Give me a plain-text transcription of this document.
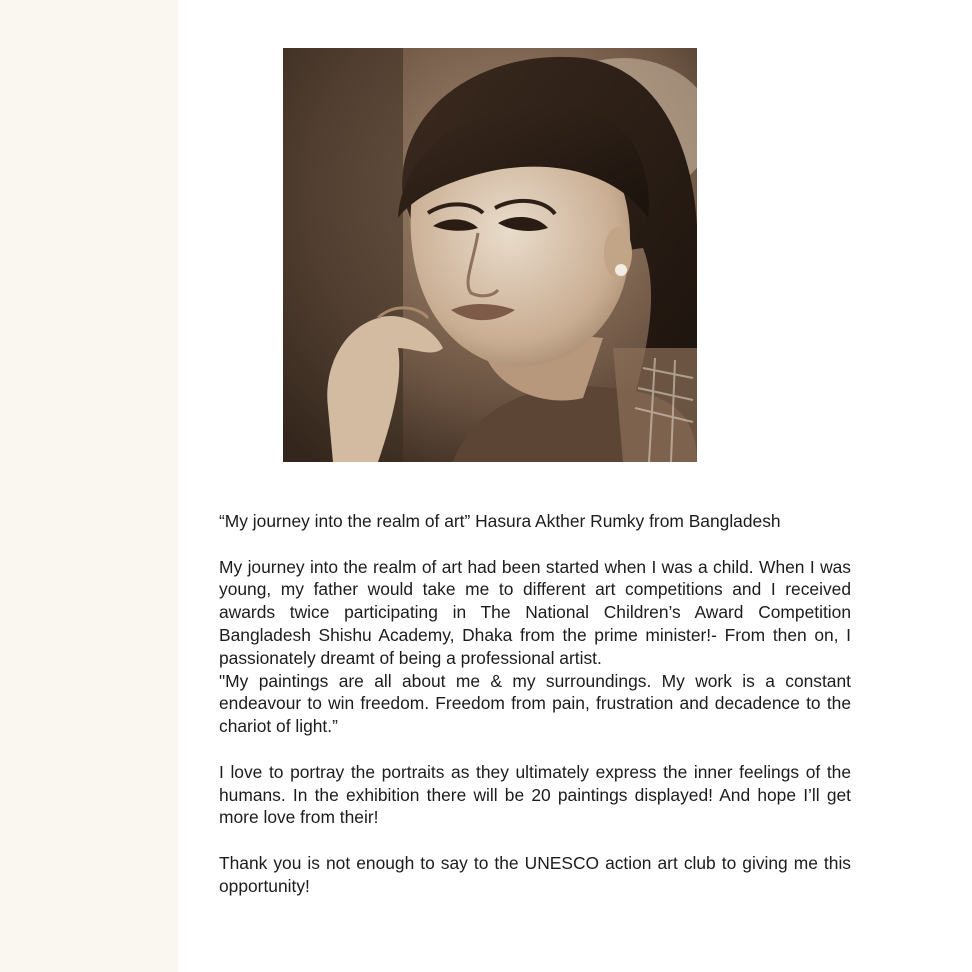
“My journey into the realm of art” Hasura Akther Rumky from Bangladesh

My journey into the realm of art had been started when I was a child. When I was young, my father would take me to different art competitions and I received awards twice participating in The National Children’s Award Competition Bangladesh Shishu Academy, Dhaka from the prime minister!- From then on, I passionately dreamt of being a professional artist.

"My paintings are all about me & my surroundings. My work is a constant endeavour to win freedom. Freedom from pain, frustration and decadence to the chariot of light.”

I love to portray the portraits as they ultimately express the inner feelings of the humans. In the exhibition there will be 20 paintings displayed! And hope I’ll get more love from their!

Thank you is not enough to say to the UNESCO action art club to giving me this opportunity!
